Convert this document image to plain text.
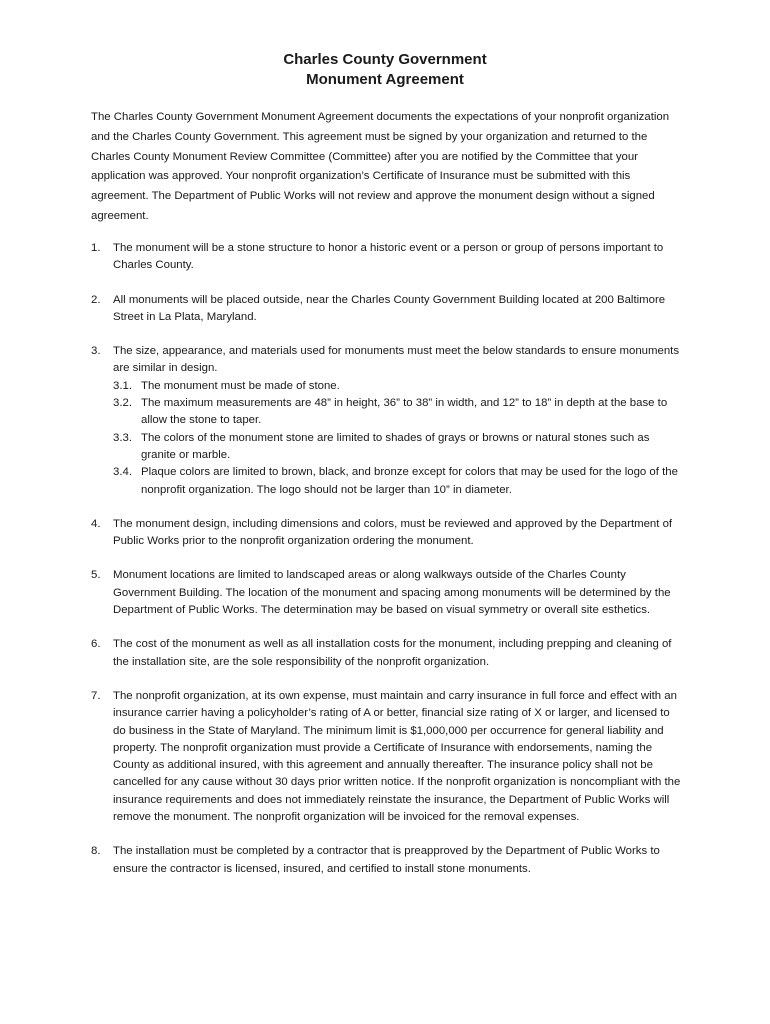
Charles County Government
Monument Agreement

The Charles County Government Monument Agreement documents the expectations of your nonprofit organization and the Charles County Government. This agreement must be signed by your organization and returned to the Charles County Monument Review Committee (Committee) after you are notified by the Committee that your application was approved. Your nonprofit organization’s Certificate of Insurance must be submitted with this agreement. The Department of Public Works will not review and approve the monument design without a signed agreement.

1. The monument will be a stone structure to honor a historic event or a person or group of persons important to Charles County.
2. All monuments will be placed outside, near the Charles County Government Building located at 200 Baltimore Street in La Plata, Maryland.
3. The size, appearance, and materials used for monuments must meet the below standards to ensure monuments are similar in design.
3.1. The monument must be made of stone.
3.2. The maximum measurements are 48” in height, 36” to 38” in width, and 12” to 18” in depth at the base to allow the stone to taper.
3.3. The colors of the monument stone are limited to shades of grays or browns or natural stones such as granite or marble.
3.4. Plaque colors are limited to brown, black, and bronze except for colors that may be used for the logo of the nonprofit organization. The logo should not be larger than 10” in diameter.
4. The monument design, including dimensions and colors, must be reviewed and approved by the Department of Public Works prior to the nonprofit organization ordering the monument.
5. Monument locations are limited to landscaped areas or along walkways outside of the Charles County Government Building. The location of the monument and spacing among monuments will be determined by the Department of Public Works. The determination may be based on visual symmetry or overall site esthetics.
6. The cost of the monument as well as all installation costs for the monument, including prepping and cleaning of the installation site, are the sole responsibility of the nonprofit organization.
7. The nonprofit organization, at its own expense, must maintain and carry insurance in full force and effect with an insurance carrier having a policyholder’s rating of A or better, financial size rating of X or larger, and licensed to do business in the State of Maryland. The minimum limit is $1,000,000 per occurrence for general liability and property. The nonprofit organization must provide a Certificate of Insurance with endorsements, naming the County as additional insured, with this agreement and annually thereafter. The insurance policy shall not be cancelled for any cause without 30 days prior written notice. If the nonprofit organization is noncompliant with the insurance requirements and does not immediately reinstate the insurance, the Department of Public Works will remove the monument. The nonprofit organization will be invoiced for the removal expenses.
8. The installation must be completed by a contractor that is preapproved by the Department of Public Works to ensure the contractor is licensed, insured, and certified to install stone monuments.
